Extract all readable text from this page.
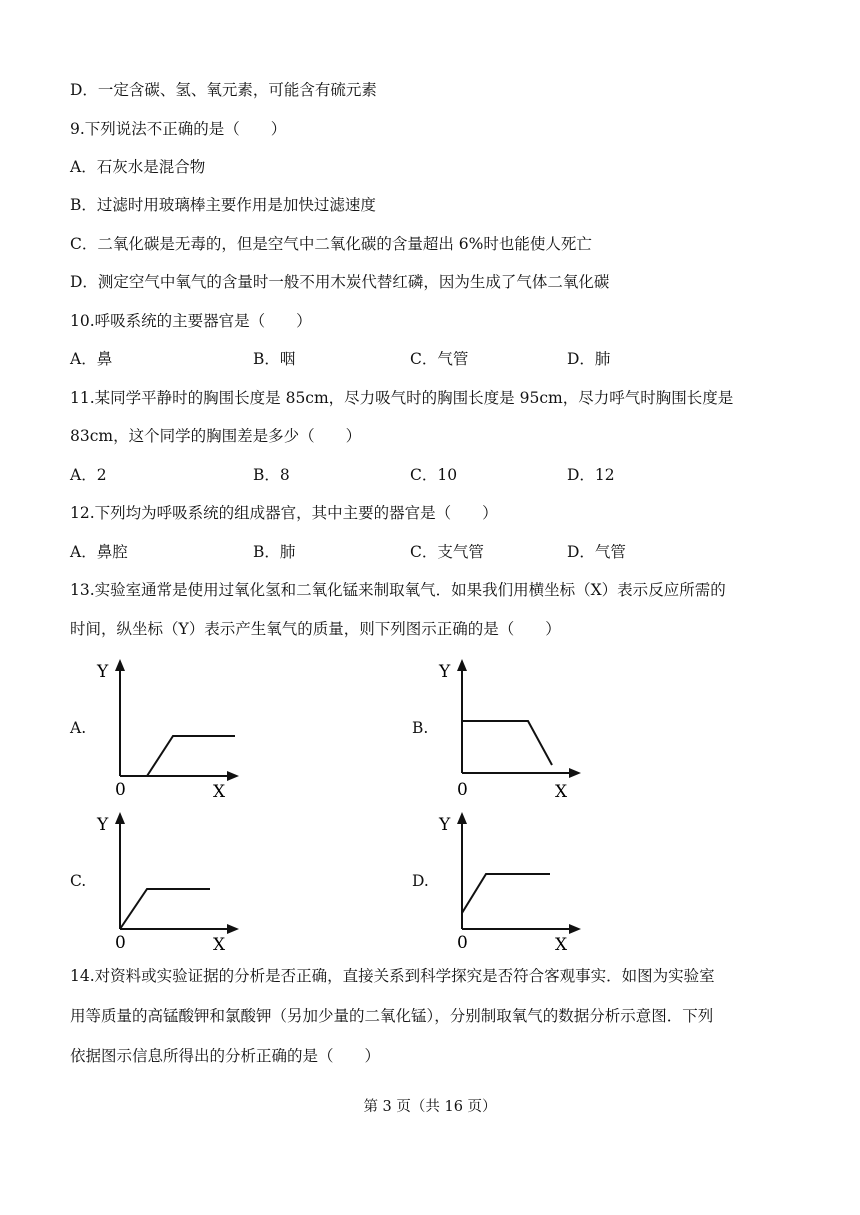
D．一定含碳、氢、氧元素，可能含有硫元素
9.下列说法不正确的是（　　）
A．石灰水是混合物
B．过滤时用玻璃棒主要作用是加快过滤速度
C．二氧化碳是无毒的，但是空气中二氧化碳的含量超出 6%时也能使人死亡
D．测定空气中氧气的含量时一般不用木炭代替红磷，因为生成了气体二氧化碳
10.呼吸系统的主要器官是（　　）
A．鼻	B．咽	C．气管	D．肺
11.某同学平静时的胸围长度是 85cm，尽力吸气时的胸围长度是 95cm，尽力呼气时胸围长度是
83cm，这个同学的胸围差是多少（　　）
A．2	B．8	C．10	D．12
12.下列均为呼吸系统的组成器官，其中主要的器官是（　　）
A．鼻腔	B．肺	C．支气管	D．气管
13.实验室通常是使用过氧化氢和二氧化锰来制取氧气．如果我们用横坐标（X）表示反应所需的
时间，纵坐标（Y）表示产生氧气的质量，则下列图示正确的是（　　）
A.
Y
0	X
B.
Y
0	X
C.
Y
0	X
D.
Y
0	X
14.对资料或实验证据的分析是否正确，直接关系到科学探究是否符合客观事实．如图为实验室
用等质量的高锰酸钾和氯酸钾（另加少量的二氧化锰），分别制取氧气的数据分析示意图．下列
依据图示信息所得出的分析正确的是（　　）
第 3 页（共 16 页）
